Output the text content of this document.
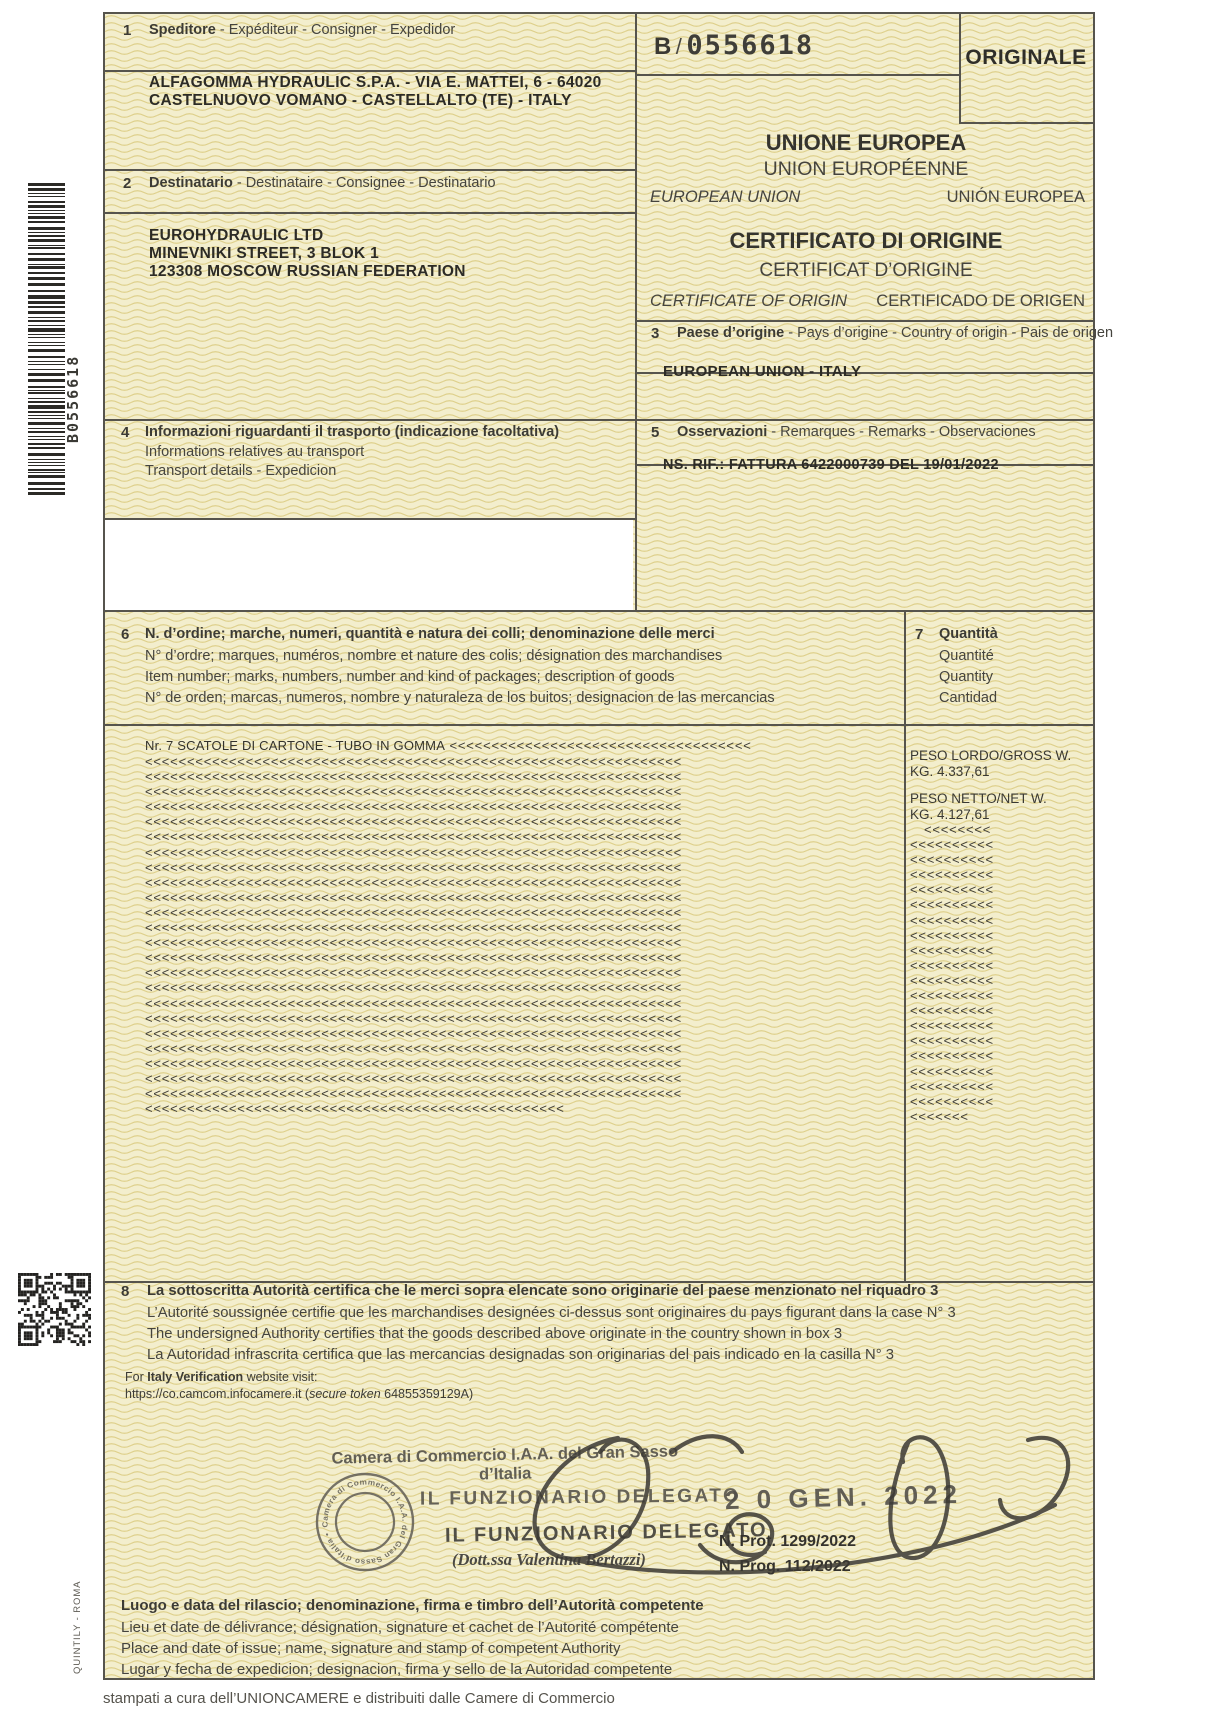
B0556618
QUINTILY - ROMA
1 Speditore - Expéditeur - Consigner - Expedidor
ALFAGOMMA HYDRAULIC S.P.A. - VIA E. MATTEI, 6 - 64020
CASTELNUOVO VOMANO - CASTELLALTO (TE) - ITALY
2 Destinatario - Destinataire - Consignee - Destinatario
EUROHYDRAULIC LTD
MINEVNIKI STREET, 3 BLOK 1
123308 MOSCOW RUSSIAN FEDERATION
B / 0556618	ORIGINALE
UNIONE EUROPEA
UNION EUROPÉENNE
EUROPEAN UNION	UNIÓN EUROPEA
CERTIFICATO DI ORIGINE
CERTIFICAT D’ORIGINE
CERTIFICATE OF ORIGIN CERTIFICADO DE ORIGEN
3 Paese d’origine - Pays d’origine - Country of origin - Pais de origen
EUROPEAN UNION - ITALY
4 Informazioni riguardanti il trasporto (indicazione facoltativa)
Informations relatives au transport
Transport details - Expedicion
5 Osservazioni - Remarques - Remarks - Observaciones
NS. RIF.: FATTURA 6422000739 DEL 19/01/2022
6 N. d’ordine; marche, numeri, quantità e natura dei colli; denominazione delle merci
N° d’ordre; marques, numéros, nombre et nature des colis; désignation des marchandises
Item number; marks, numbers, number and kind of packages; description of goods
N° de orden; marcas, numeros, nombre y naturaleza de los buitos; designacion de las mercancias
7 Quantità
Quantité
Quantity
Cantidad
Nr. 7 SCATOLE DI CARTONE - TUBO IN GOMMA <<<<<<<<<<<<<<<<<<<<<<<<<<<<<<<<<<<<
<<<<<<<<<<<<<<<<<<<<<<<<<<<<<<<<<<<<<<<<<<<<<<<<<<<<<<<<<<<<<<<<
<<<<<<<<<<<<<<<<<<<<<<<<<<<<<<<<<<<<<<<<<<<<<<<<<<<<<<<<<<<<<<<<
<<<<<<<<<<<<<<<<<<<<<<<<<<<<<<<<<<<<<<<<<<<<<<<<<<<<<<<<<<<<<<<<
<<<<<<<<<<<<<<<<<<<<<<<<<<<<<<<<<<<<<<<<<<<<<<<<<<<<<<<<<<<<<<<<
<<<<<<<<<<<<<<<<<<<<<<<<<<<<<<<<<<<<<<<<<<<<<<<<<<<<<<<<<<<<<<<<
<<<<<<<<<<<<<<<<<<<<<<<<<<<<<<<<<<<<<<<<<<<<<<<<<<<<<<<<<<<<<<<<
<<<<<<<<<<<<<<<<<<<<<<<<<<<<<<<<<<<<<<<<<<<<<<<<<<<<<<<<<<<<<<<<
<<<<<<<<<<<<<<<<<<<<<<<<<<<<<<<<<<<<<<<<<<<<<<<<<<<<<<<<<<<<<<<<
<<<<<<<<<<<<<<<<<<<<<<<<<<<<<<<<<<<<<<<<<<<<<<<<<<<<<<<<<<<<<<<<
<<<<<<<<<<<<<<<<<<<<<<<<<<<<<<<<<<<<<<<<<<<<<<<<<<<<<<<<<<<<<<<<
<<<<<<<<<<<<<<<<<<<<<<<<<<<<<<<<<<<<<<<<<<<<<<<<<<<<<<<<<<<<<<<<
<<<<<<<<<<<<<<<<<<<<<<<<<<<<<<<<<<<<<<<<<<<<<<<<<<<<<<<<<<<<<<<<
<<<<<<<<<<<<<<<<<<<<<<<<<<<<<<<<<<<<<<<<<<<<<<<<<<<<<<<<<<<<<<<<
<<<<<<<<<<<<<<<<<<<<<<<<<<<<<<<<<<<<<<<<<<<<<<<<<<<<<<<<<<<<<<<<
<<<<<<<<<<<<<<<<<<<<<<<<<<<<<<<<<<<<<<<<<<<<<<<<<<<<<<<<<<<<<<<<
<<<<<<<<<<<<<<<<<<<<<<<<<<<<<<<<<<<<<<<<<<<<<<<<<<<<<<<<<<<<<<<<
<<<<<<<<<<<<<<<<<<<<<<<<<<<<<<<<<<<<<<<<<<<<<<<<<<<<<<<<<<<<<<<<
<<<<<<<<<<<<<<<<<<<<<<<<<<<<<<<<<<<<<<<<<<<<<<<<<<<<<<<<<<<<<<<<
<<<<<<<<<<<<<<<<<<<<<<<<<<<<<<<<<<<<<<<<<<<<<<<<<<<<<<<<<<<<<<<<
<<<<<<<<<<<<<<<<<<<<<<<<<<<<<<<<<<<<<<<<<<<<<<<<<<<<<<<<<<<<<<<<
<<<<<<<<<<<<<<<<<<<<<<<<<<<<<<<<<<<<<<<<<<<<<<<<<<<<<<<<<<<<<<<<
<<<<<<<<<<<<<<<<<<<<<<<<<<<<<<<<<<<<<<<<<<<<<<<<<<<<<<<<<<<<<<<<
<<<<<<<<<<<<<<<<<<<<<<<<<<<<<<<<<<<<<<<<<<<<<<<<<<<<<<<<<<<<<<<<
<<<<<<<<<<<<<<<<<<<<<<<<<<<<<<<<<<<<<<<<<<<<<<<<<<
PESO LORDO/GROSS W.
KG. 4.337,61
PESO NETTO/NET W.
KG. 4.127,61
<<<<<<<<
<<<<<<<<<<
<<<<<<<<<<
<<<<<<<<<<
<<<<<<<<<<
<<<<<<<<<<
<<<<<<<<<<
<<<<<<<<<<
<<<<<<<<<<
<<<<<<<<<<
<<<<<<<<<<
<<<<<<<<<<
<<<<<<<<<<
<<<<<<<<<<
<<<<<<<<<<
<<<<<<<<<<
<<<<<<<<<<
<<<<<<<<<<
<<<<<<<<<<
<<<<<<<
8 La sottoscritta Autorità certifica che le merci sopra elencate sono originarie del paese menzionato nel riquadro 3
L’Autorité soussignée certifie que les marchandises designées ci-dessus sont originaires du pays figurant dans la case N° 3
The undersigned Authority certifies that the goods described above originate in the country shown in box 3
La Autoridad infrascrita certifica que las mercancias designadas son originarias del pais indicado en la casilla N° 3
For Italy Verification website visit:
https://co.camcom.infocamere.it (secure token 64855359129A)
Camera di Commercio I.A.A. del Gran Sasso d’Italia
IL FUNZIONARIO DELEGATO
IL FUNZIONARIO DELEGATO
(Dott.ssa Valentina Bertazzi)
2 0 GEN. 2022
N. Prot. 1299/2022
N. Prog. 112/2022
Luogo e data del rilascio; denominazione, firma e timbro dell’Autorità competente
Lieu et date de délivrance; désignation, signature et cachet de l’Autorité compétente
Place and date of issue; name, signature and stamp of competent Authority
Lugar y fecha de expedicion; designacion, firma y sello de la Autoridad competente
stampati a cura dell’UNIONCAMERE e distribuiti dalle Camere di Commercio
Camera di Commercio I.A.A. del Gran Sasso d’Italia •
